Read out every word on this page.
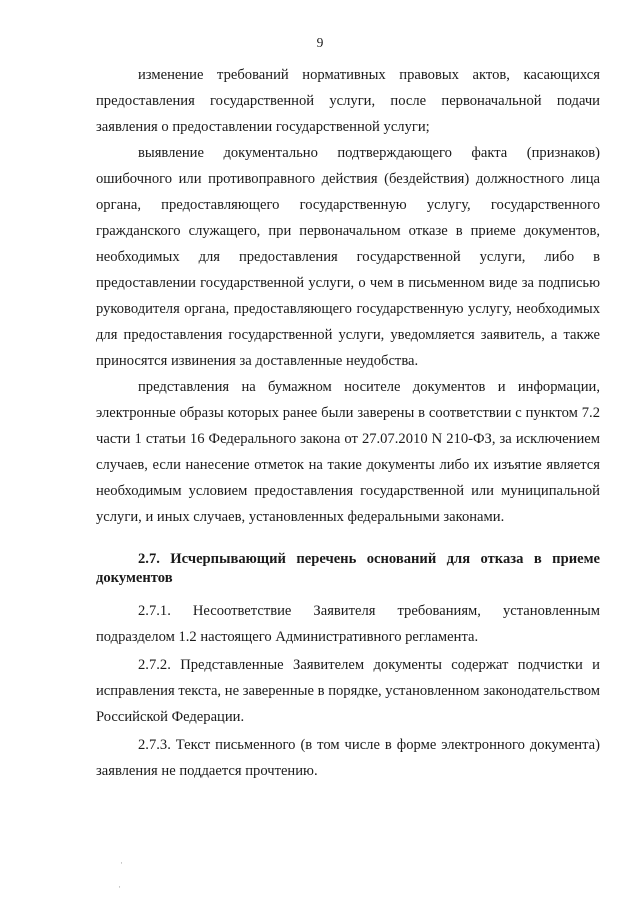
9

изменение требований нормативных правовых актов, касающихся предоставления государственной услуги, после первоначальной подачи заявления о предоставлении государственной услуги;

выявление документально подтверждающего факта (признаков) ошибочного или противоправного действия (бездействия) должностного лица органа, предоставляющего государственную услугу, государственного гражданского служащего, при первоначальном отказе в приеме документов, необходимых для предоставления государственной услуги, либо в предоставлении государственной услуги, о чем в письменном виде за подписью руководителя органа, предоставляющего государственную услугу, необходимых для предоставления государственной услуги, уведомляется заявитель, а также приносятся извинения за доставленные неудобства.

представления на бумажном носителе документов и информации, электронные образы которых ранее были заверены в соответствии с пунктом 7.2 части 1 статьи 16 Федерального закона от 27.07.2010 N 210-ФЗ, за исключением случаев, если нанесение отметок на такие документы либо их изъятие является необходимым условием предоставления государственной или муниципальной услуги, и иных случаев, установленных федеральными законами.

2.7. Исчерпывающий перечень оснований для отказа в приеме документов

2.7.1. Несоответствие Заявителя требованиям, установленным подразделом 1.2 настоящего Административного регламента.

2.7.2. Представленные Заявителем документы содержат подчистки и исправления текста, не заверенные в порядке, установленном законодательством Российской Федерации.

2.7.3. Текст письменного (в том числе в форме электронного документа) заявления не поддается прочтению.

·
·
